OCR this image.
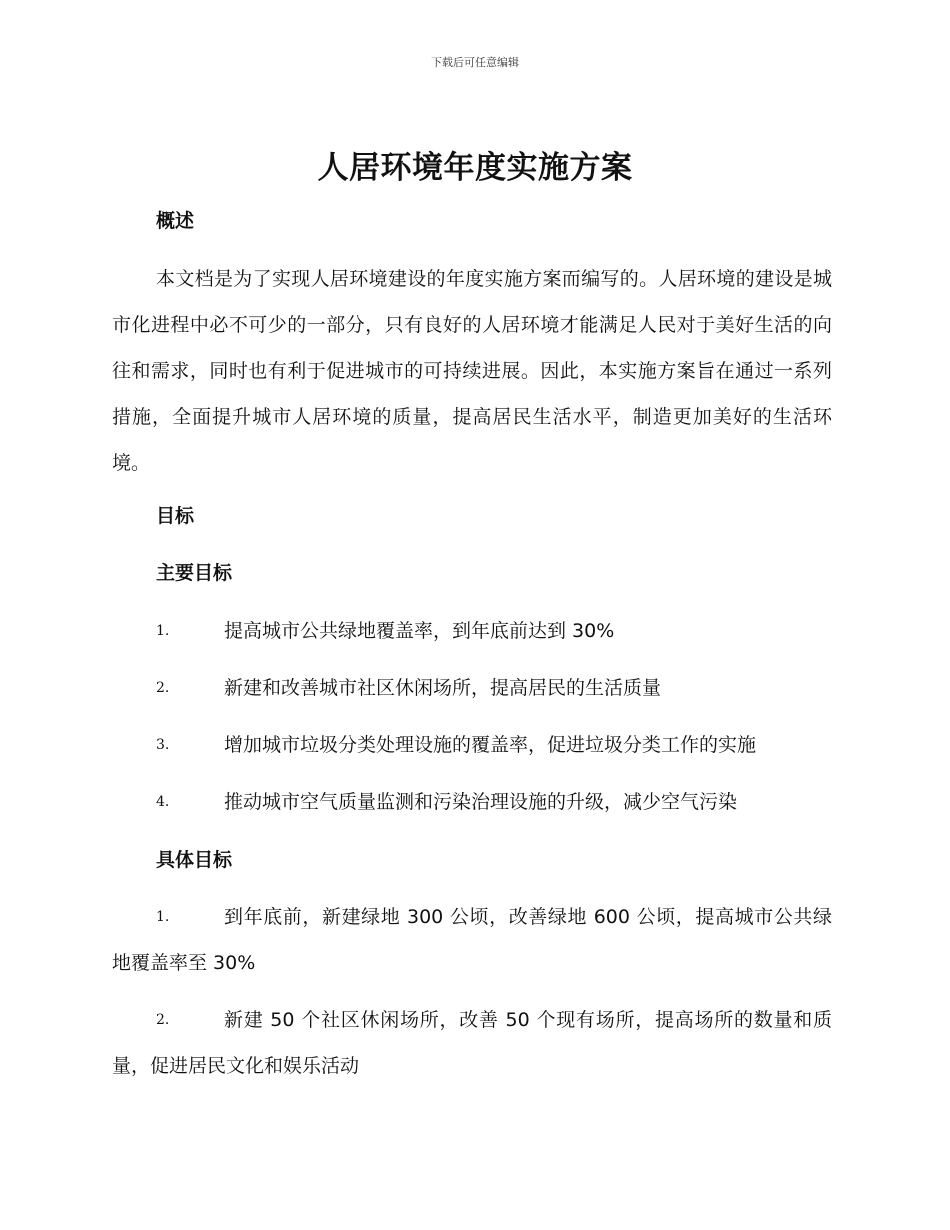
下载后可任意编辑
人居环境年度实施方案
概述

本文档是为了实现人居环境建设的年度实施方案而编写的。人居环境的建设是城市化进程中必不可少的一部分，只有良好的人居环境才能满足人民对于美好生活的向往和需求，同时也有利于促进城市的可持续进展。因此，本实施方案旨在通过一系列措施，全面提升城市人居环境的质量，提高居民生活水平，制造更加美好的生活环境。

目标
主要目标
1.	提高城市公共绿地覆盖率，到年底前达到 30%
2.	新建和改善城市社区休闲场所，提高居民的生活质量
3.	增加城市垃圾分类处理设施的覆盖率，促进垃圾分类工作的实施
4.	推动城市空气质量监测和污染治理设施的升级，减少空气污染
具体目标
1.	到年底前，新建绿地 300 公顷，改善绿地 600 公顷，提高城市公共绿地覆盖率至 30%
2.	新建 50 个社区休闲场所，改善 50 个现有场所，提高场所的数量和质量，促进居民文化和娱乐活动
